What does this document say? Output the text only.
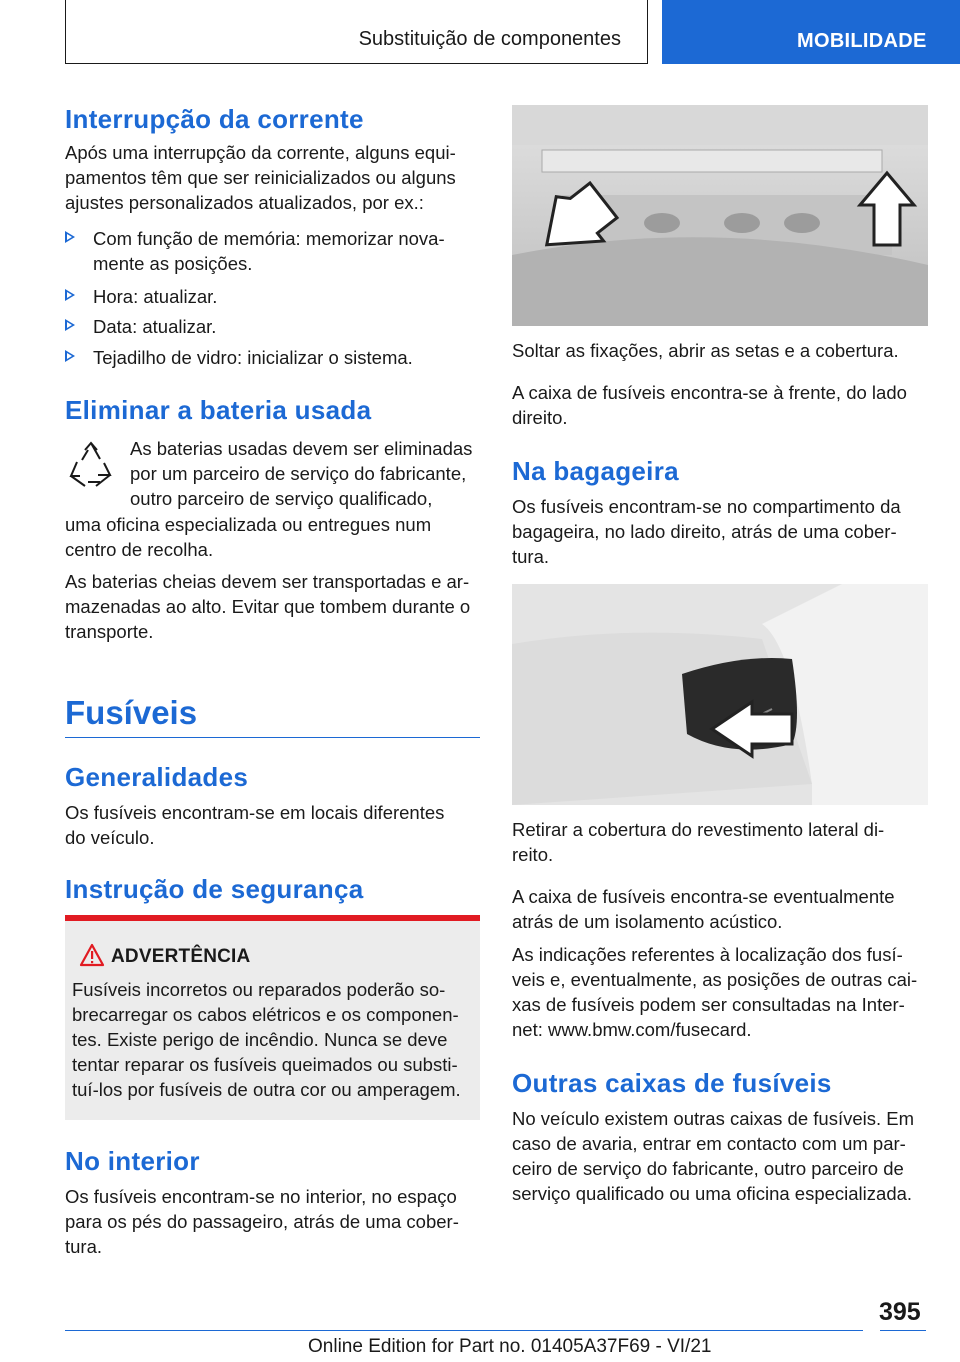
Substituição de componentes	MOBILIDADE
Interrupção da corrente
Após uma interrupção da corrente, alguns equi-
pamentos têm que ser reinicializados ou alguns
ajustes personalizados atualizados, por ex.:
Com função de memória: memorizar nova-
mente as posições.
Hora: atualizar.
Data: atualizar.
Tejadilho de vidro: inicializar o sistema.
Eliminar a bateria usada
As baterias usadas devem ser eliminadas
por um parceiro de serviço do fabricante,
outro parceiro de serviço qualificado,
uma oficina especializada ou entregues num
centro de recolha.
As baterias cheias devem ser transportadas e ar-
mazenadas ao alto. Evitar que tombem durante o
transporte.
Fusíveis
Generalidades
Os fusíveis encontram-se em locais diferentes
do veículo.
Instrução de segurança
ADVERTÊNCIA
Fusíveis incorretos ou reparados poderão so-
brecarregar os cabos elétricos e os componen-
tes. Existe perigo de incêndio. Nunca se deve
tentar reparar os fusíveis queimados ou substi-
tuí-los por fusíveis de outra cor ou amperagem.
No interior
Os fusíveis encontram-se no interior, no espaço
para os pés do passageiro, atrás de uma cober-
tura.
Soltar as fixações, abrir as setas e a cobertura.
A caixa de fusíveis encontra-se à frente, do lado
direito.
Na bagageira
Os fusíveis encontram-se no compartimento da
bagageira, no lado direito, atrás de uma cober-
tura.
Retirar a cobertura do revestimento lateral di-
reito.
A caixa de fusíveis encontra-se eventualmente
atrás de um isolamento acústico.
As indicações referentes à localização dos fusí-
veis e, eventualmente, as posições de outras cai-
xas de fusíveis podem ser consultadas na Inter-
net: www.bmw.com/fusecard.
Outras caixas de fusíveis
No veículo existem outras caixas de fusíveis. Em
caso de avaria, entrar em contacto com um par-
ceiro de serviço do fabricante, outro parceiro de
serviço qualificado ou uma oficina especializada.
395
Online Edition for Part no. 01405A37F69 - VI/21
